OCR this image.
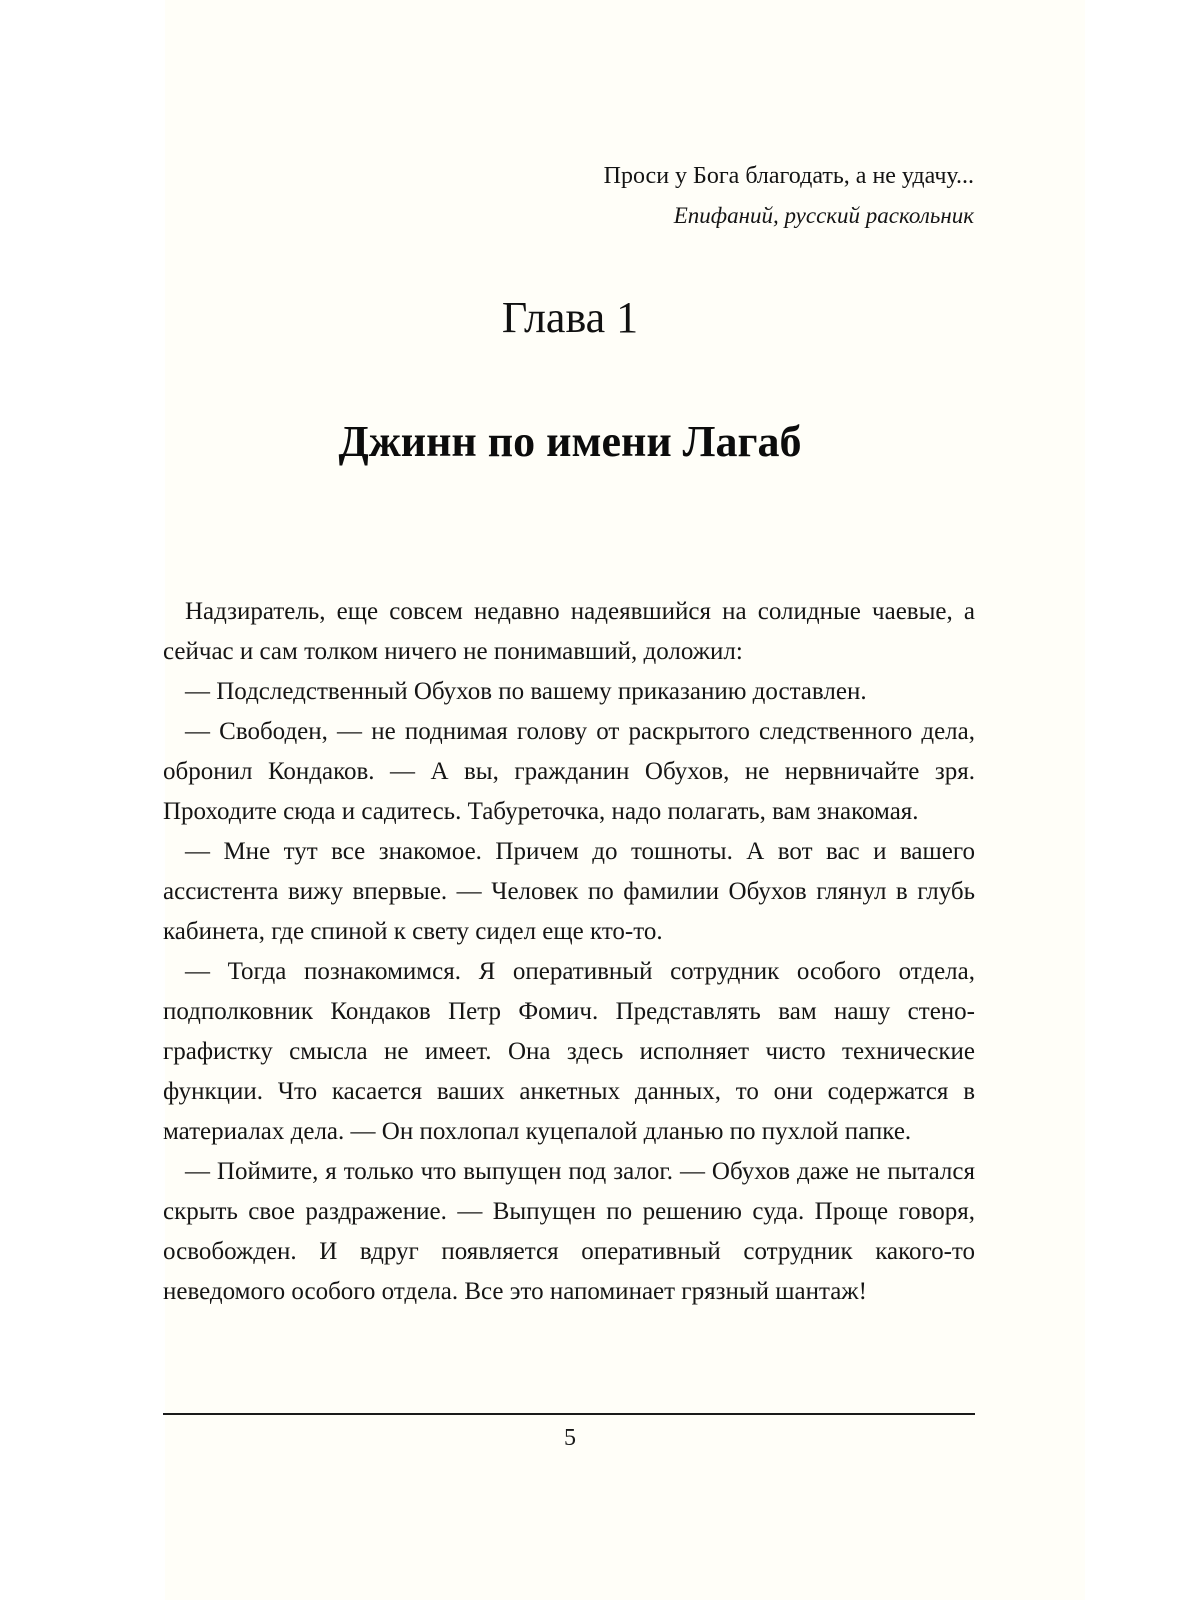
Проси у Бога благодать, а не удачу...
Епифаний, русский раскольник
Глава 1
Джинн по имени Лагаб

Надзиратель, еще совсем недавно надеявшийся на солидные чаевые, а сейчас и сам толком ничего не понимавший, доложил:

— Подследственный Обухов по вашему приказанию доставлен.

— Свободен, — не поднимая голову от раскрытого следственного дела, обронил Кондаков. — А вы, гражданин Обухов, не нервничайте зря. Проходите сюда и садитесь. Табуреточка, надо полагать, вам знакомая.

— Мне тут все знакомое. Причем до тошноты. А вот вас и вашего ассистента вижу впервые. — Человек по фамилии Обухов глянул в глубь кабинета, где спиной к свету сидел еще кто-то.

— Тогда познакомимся. Я оперативный сотрудник особого отдела, подполковник Кондаков Петр Фомич. Представлять вам нашу стенографистку смысла не имеет. Она здесь исполняет чисто технические функции. Что касается ваших анкетных данных, то они содержатся в материалах дела. — Он похлопал куцепалой дланью по пухлой папке.

— Поймите, я только что выпущен под залог. — Обухов даже не пытался скрыть свое раздражение. — Выпущен по решению суда. Проще говоря, освобожден. И вдруг появляется оперативный сотрудник какого-то неведомого особого отдела. Все это напоминает грязный шантаж!

5
